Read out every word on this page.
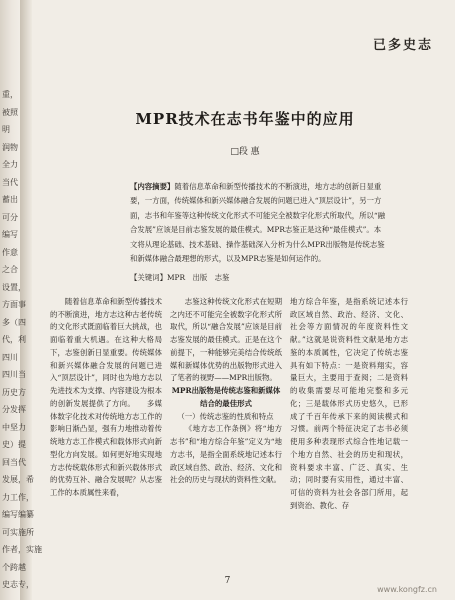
重，
被照
明
润物
全力
当代
蓄出
可分
编写
作意
之合
设置，
方面事
多（四
代，利
四川
四川当
历史方
分发挥
中坚力
史）提
回当代
发展，希
力工作，
编写编纂
可实施所
作者，实施
个跨越
史志专，
已多史志
MPR技术在志书年鉴中的应用
□段 惠
【内容摘要】随着信息革命和新型传播技术的不断演进，地方志的创新日显重要，一方面，传统媒体和新兴媒体融合发展的问题已进入“顶层设计”，另一方面，志书和年鉴等这种传统文化形式不可能完全被数字化形式所取代，所以“融合发展”应该是目前志鉴发展的最佳模式。MPR志鉴正是这种“最佳模式”。本文将从理论基础、技术基础、操作基础深入分析为什么MPR出版物是传统志鉴和新媒体融合最理想的形式，以及MPR志鉴是如何运作的。
【关键词】MPR　出版　志鉴

随着信息革命和新型传播技术的不断演进，地方志这种古老传统的文化形式既面临着巨大挑战，也面临着重大机遇。在这种大格局下，志鉴创新日显重要。传统媒体和新兴媒体融合发展的问题已进入“顶层设计”，同时也为地方志以先进技术为支撑、内容建设为根本的创新发展提供了方向。　　多媒体数字化技术对传统地方志工作的影响日渐凸显，强有力地推动着传统地方志工作模式和载体形式向新型化方向发展。如何更好地实现地方志传统载体形式和新兴载体形式的优势互补、融合发展呢？从志鉴工作的本质属性来看，

志鉴这种传统文化形式在短期之内还不可能完全被数字化形式所取代，所以“融合发展”应该是目前志鉴发展的最佳模式。正是在这个前提下，一种能够完美结合传统纸媒和新媒体优势的出版物形式进入了笔者的视野——MPR出版物。

MPR出版物是传统志鉴和新媒体结合的最佳形式

（一）传统志鉴的性质和特点

《地方志工作条例》将“地方志书”和“地方综合年鉴”定义为“地方志书，是指全面系统地记述本行政区域自然、政治、经济、文化和社会的历史与现状的资料性文献。

地方综合年鉴，是指系统记述本行政区域自然、政治、经济、文化、社会等方面情况的年度资料性文献。”这就是说资料性文献是地方志鉴的本质属性，它决定了传统志鉴具有如下特点：一是资料翔实，容量巨大，主要用于查阅；二是资料的收集需要尽可能地完整和多元化；三是载体形式历史悠久，已形成了千百年传承下来的阅读模式和习惯。前两个特征决定了志书必须使用多种表现形式综合性地记载一个地方自然、社会的历史和现状，资料要求丰富、广泛、真实、生动；同时要有实用性，通过丰富、可信的资料为社会各部门所用，起到资治、教化、存

7
www.kongfz.cn
